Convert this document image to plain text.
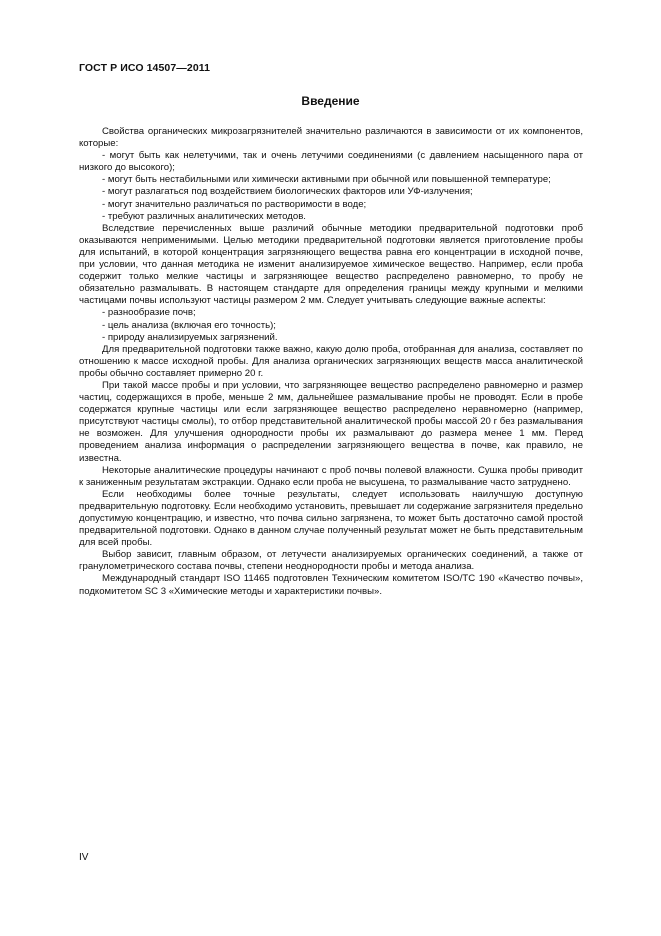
ГОСТ Р ИСО 14507—2011
Введение

Свойства органических микрозагрязнителей значительно различаются в зависимости от их компонентов, которые:

- могут быть как нелетучими, так и очень летучими соединениями (с давлением насыщенного пара от низкого до высокого);
- могут быть нестабильными или химически активными при обычной или повышенной температуре;
- могут разлагаться под воздействием биологических факторов или УФ-излучения;
- могут значительно различаться по растворимости в воде;
- требуют различных аналитических методов.

Вследствие перечисленных выше различий обычные методики предварительной подготовки проб оказываются неприменимыми. Целью методики предварительной подготовки является приготовление пробы для испытаний, в которой концентрация загрязняющего вещества равна его концентрации в исходной почве, при условии, что данная методика не изменит анализируемое химическое вещество. Например, если проба содержит только мелкие частицы и загрязняющее вещество распределено равномерно, то пробу не обязательно размалывать. В настоящем стандарте для определения границы между крупными и мелкими частицами почвы используют частицы размером 2 мм. Следует учитывать следующие важные аспекты:

- разнообразие почв;
- цель анализа (включая его точность);
- природу анализируемых загрязнений.

Для предварительной подготовки также важно, какую долю проба, отобранная для анализа, составляет по отношению к массе исходной пробы. Для анализа органических загрязняющих веществ масса аналитической пробы обычно составляет примерно 20 г.

При такой массе пробы и при условии, что загрязняющее вещество распределено равномерно и размер частиц, содержащихся в пробе, меньше 2 мм, дальнейшее размалывание пробы не проводят. Если в пробе содержатся крупные частицы или если загрязняющее вещество распределено неравномерно (например, присутствуют частицы смолы), то отбор представительной аналитической пробы массой 20 г без размалывания не возможен. Для улучшения однородности пробы их размалывают до размера менее 1 мм. Перед проведением анализа информация о распределении загрязняющего вещества в почве, как правило, не известна.

Некоторые аналитические процедуры начинают с проб почвы полевой влажности. Сушка пробы приводит к заниженным результатам экстракции. Однако если проба не высушена, то размалывание часто затруднено.

Если необходимы более точные результаты, следует использовать наилучшую доступную предварительную подготовку. Если необходимо установить, превышает ли содержание загрязнителя предельно допустимую концентрацию, и известно, что почва сильно загрязнена, то может быть достаточно самой простой предварительной подготовки. Однако в данном случае полученный результат может не быть представительным для всей пробы.

Выбор зависит, главным образом, от летучести анализируемых органических соединений, а также от гранулометрического состава почвы, степени неоднородности пробы и метода анализа.

Международный стандарт ISO 11465 подготовлен Техническим комитетом ISO/TC 190 «Качество почвы», подкомитетом SC 3 «Химические методы и характеристики почвы».

IV
